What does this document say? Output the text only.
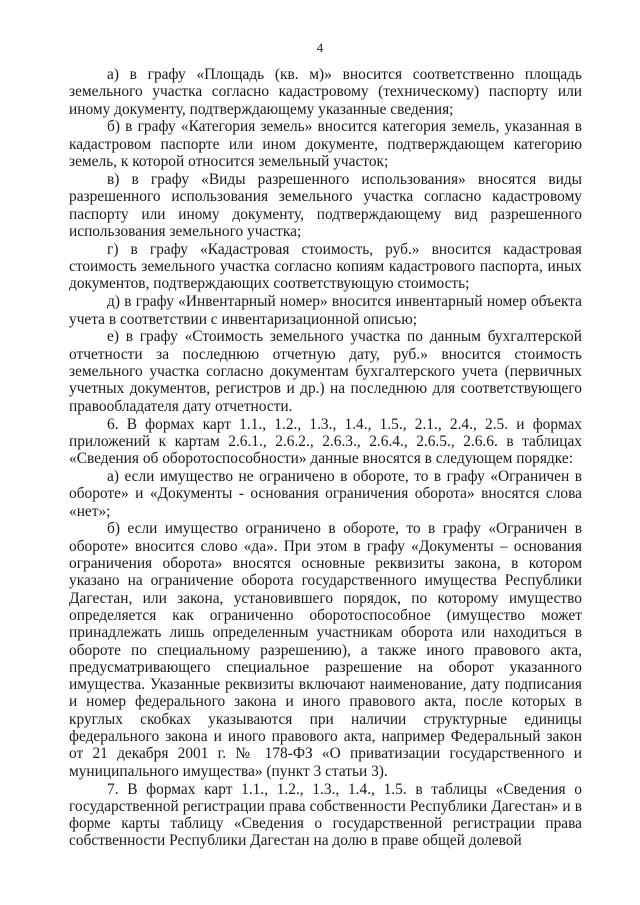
4

а) в графу «Площадь (кв. м)» вносится соответственно площадь земельного участка согласно кадастровому (техническому) паспорту или иному документу, подтверждающему указанные сведения;

б) в графу «Категория земель» вносится категория земель, указанная в кадастровом паспорте или ином документе, подтверждающем категорию земель, к которой относится земельный участок;

в) в графу «Виды разрешенного использования» вносятся виды разрешенного использования земельного участка согласно кадастровому паспорту или иному документу, подтверждающему вид разрешенного использования земельного участка;

г) в графу «Кадастровая стоимость, руб.» вносится кадастровая стоимость земельного участка согласно копиям кадастрового паспорта, иных документов, подтверждающих соответствующую стоимость;

д) в графу «Инвентарный номер» вносится инвентарный номер объекта учета в соответствии с инвентаризационной описью;

е) в графу «Стоимость земельного участка по данным бухгалтерской отчетности за последнюю отчетную дату, руб.» вносится стоимость земельного участка согласно документам бухгалтерского учета (первичных учетных документов, регистров и др.) на последнюю для соответствующего правообладателя дату отчетности.

6. В формах карт 1.1., 1.2., 1.3., 1.4., 1.5., 2.1., 2.4., 2.5. и формах приложений к картам 2.6.1., 2.6.2., 2.6.3., 2.6.4., 2.6.5., 2.6.6. в таблицах «Сведения об оборотоспособности» данные вносятся в следующем порядке:

а) если имущество не ограничено в обороте, то в графу «Ограничен в обороте» и «Документы - основания ограничения оборота» вносятся слова «нет»;

б) если имущество ограничено в обороте, то в графу «Ограничен в обороте» вносится слово «да». При этом в графу «Документы – основания ограничения оборота» вносятся основные реквизиты закона, в котором указано на ограничение оборота государственного имущества Республики Дагестан, или закона, установившего порядок, по которому имущество определяется как ограниченно оборотоспособное (имущество может принадлежать лишь определенным участникам оборота или находиться в обороте по специальному разрешению), а также иного правового акта, предусматривающего специальное разрешение на оборот указанного имущества. Указанные реквизиты включают наименование, дату подписания и номер федерального закона и иного правового акта, после которых в круглых скобках указываются при наличии структурные единицы федерального закона и иного правового акта, например Федеральный закон от 21 декабря 2001 г. № 178-ФЗ «О приватизации государственного и муниципального имущества» (пункт 3 статьи 3).

7. В формах карт 1.1., 1.2., 1.3., 1.4., 1.5. в таблицы «Сведения о государственной регистрации права собственности Республики Дагестан» и в форме карты таблицу «Сведения о государственной регистрации права собственности Республики Дагестан на долю в праве общей долевой
